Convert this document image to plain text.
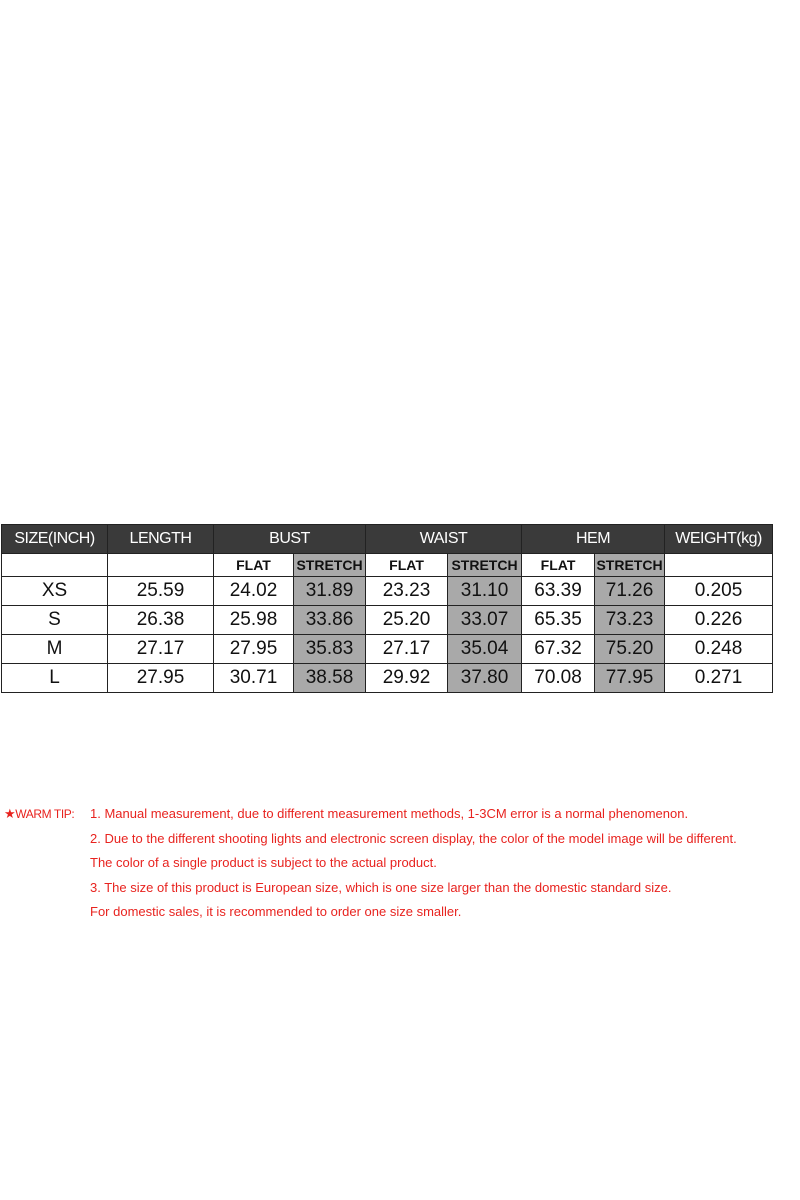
SIZE(INCH)	LENGTH	BUST		WAIST		HEM		WEIGHT(kg)
		FLAT	STRETCH	FLAT	STRETCH	FLAT	STRETCH	
XS	25.59	24.02	31.89	23.23	31.10	63.39	71.26	0.205
S	26.38	25.98	33.86	25.20	33.07	65.35	73.23	0.226
M	27.17	27.95	35.83	27.17	35.04	67.32	75.20	0.248
L	27.95	30.71	38.58	29.92	37.80	70.08	77.95	0.271
★WARM TIP: 1. Manual measurement, due to different measurement methods, 1-3CM error is a normal phenomenon.
2. Due to the different shooting lights and electronic screen display, the color of the model image will be different.
The color of a single product is subject to the actual product.
3. The size of this product is European size, which is one size larger than the domestic standard size.
For domestic sales, it is recommended to order one size smaller.
